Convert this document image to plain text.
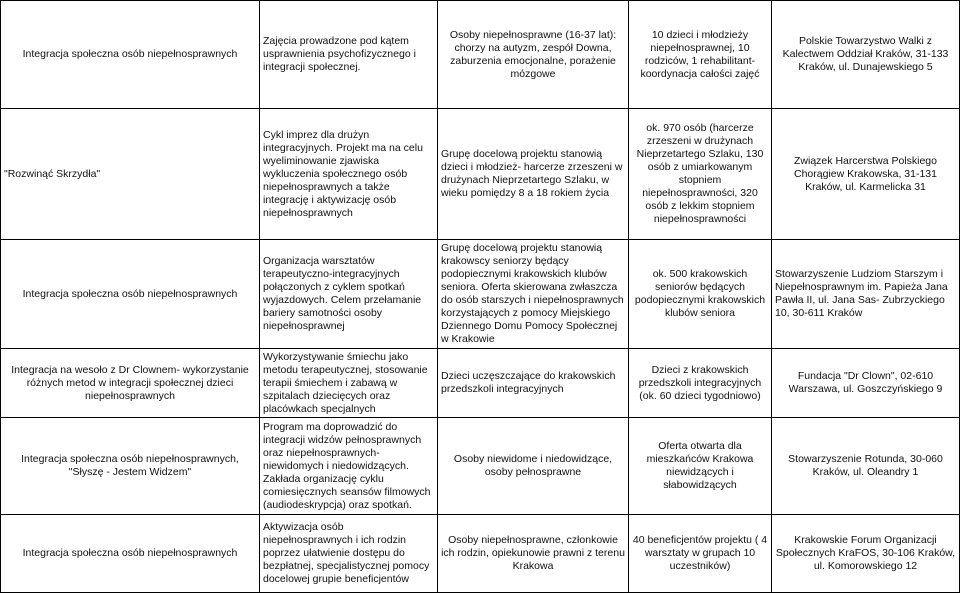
Integracja społeczna osób niepełnosprawnych
Zajęcia prowadzone pod kątem usprawnienia psychofizycznego i integracji społecznej.
Osoby niepełnosprawne (16-37 lat): chorzy na autyzm, zespół Downa, zaburzenia emocjonalne, porażenie mózgowe
10 dzieci i młodzieży niepełnosprawnej, 10 rodziców, 1 rehabilitant- koordynacja całości zajęć
Polskie Towarzystwo Walki z Kalectwem Oddział Kraków, 31-133 Kraków, ul. Dunajewskiego 5
"Rozwinąć Skrzydła"
Cykl imprez dla drużyn integracyjnych. Projekt ma na celu wyeliminowanie zjawiska wykluczenia społecznego osób niepełnosprawnych a także integrację i aktywizację osób niepełnosprawnych
Grupę docelową projektu stanowią dzieci i młodzież- harcerze zrzeszeni w drużynach Nieprzetartego Szlaku, w wieku pomiędzy 8 a 18 rokiem życia
ok. 970 osób (harcerze zrzeszeni w drużynach Nieprzetartego Szlaku, 130 osób z umiarkowanym stopniem niepełnosprawności, 320 osób z lekkim stopniem niepełnosprawności
Związek Harcerstwa Polskiego Chorągiew Krakowska, 31-131 Kraków, ul. Karmelicka 31
Integracja społeczna osób niepełnosprawnych
Organizacja warsztatów terapeutyczno-integracyjnych połączonych z cyklem spotkań wyjazdowych. Celem przełamanie bariery samotności osoby niepełnosprawnej
Grupę docelową projektu stanowią krakowscy seniorzy będący podopiecznymi krakowskich klubów seniora. Oferta skierowana zwłaszcza do osób starszych i niepełnosprawnych korzystających z pomocy Miejskiego Dziennego Domu Pomocy Społecznej w Krakowie
ok. 500 krakowskich seniorów będących podopiecznymi krakowskich klubów seniora
Stowarzyszenie Ludziom Starszym i Niepełnosprawnym im. Papieża Jana Pawła II, ul. Jana Sas- Zubrzyckiego 10, 30-611 Kraków
Integracja na wesoło z Dr Clownem- wykorzystanie różnych metod w integracji społecznej dzieci niepełnosprawnych
Wykorzystywanie śmiechu jako metodu terapeutycznej, stosowanie terapii śmiechem i zabawą w szpitalach dziecięcych oraz placówkach specjalnych
Dzieci uczęszczające do krakowskich przedszkoli integracyjnych
Dzieci z krakowskich przedszkoli integracyjnych (ok. 60 dzieci tygodniowo)
Fundacja "Dr Clown", 02-610 Warszawa, ul. Goszczyńskiego 9
Integracja społeczna osób niepełnosprawnych, "Słyszę - Jestem Widzem"
Program ma doprowadzić do integracji widzów pełnosprawnych oraz niepełnosprawnych- niewidomych i niedowidzących. Zakłada organizację cyklu comiesięcznych seansów filmowych (audiodeskrypcja) oraz spotkań.
Osoby niewidome i niedowidzące, osoby pełnosprawne
Oferta otwarta dla mieszkańców Krakowa niewidzących i słabowidzących
Stowarzyszenie Rotunda, 30-060 Kraków, ul. Oleandry 1
Integracja społeczna osób niepełnosprawnych
Aktywizacja osób niepełnosprawnych i ich rodzin poprzez ułatwienie dostępu do bezpłatnej, specjalistycznej pomocy docelowej grupie beneficjentów
Osoby niepełnosprawne, członkowie ich rodzin, opiekunowie prawni z terenu Krakowa
40 beneficjentów projektu ( 4 warsztaty w grupach 10 uczestników)
Krakowskie Forum Organizacji Społecznych KraFOS, 30-106 Kraków, ul. Komorowskiego 12
